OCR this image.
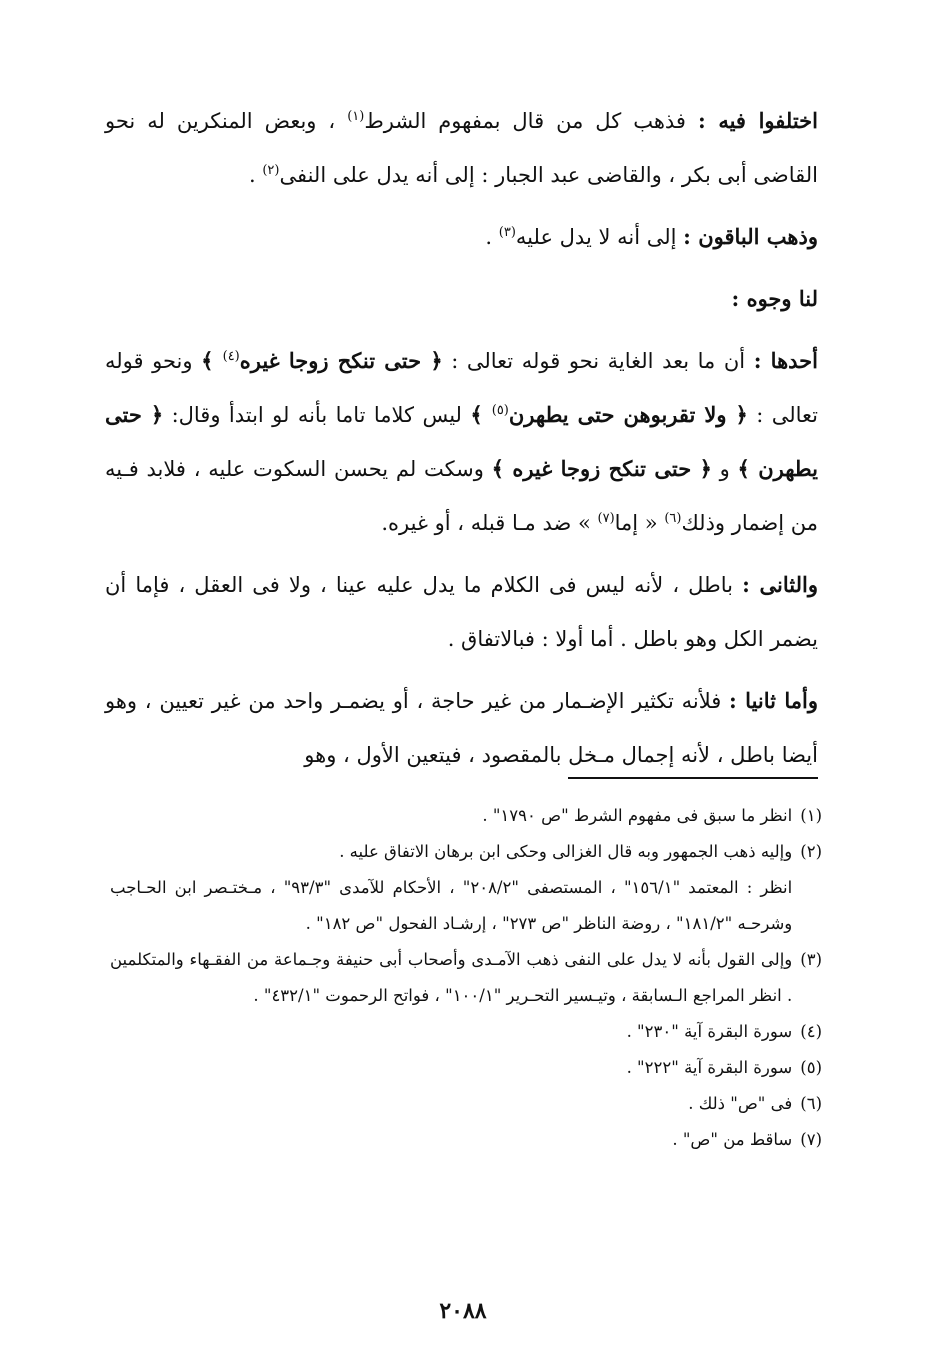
اختلفوا فيه : فذهب كل من قال بمفهوم الشرط$^{(١)}$ ، وبعض المنكرين له نحو القاضى أبى بكر ، والقاضى عبد الجبار : إلى أنه يدل على النفى$^{(٢)}$ .

وذهب الباقون : إلى أنه لا يدل عليه$^{(٣)}$ .

لنا وجوه :

أحدها : أن ما بعد الغاية نحو قوله تعالى : ﴿ حتى تنكح زوجا غيره$^{(٤)}$ ﴾ ونحو قوله تعالى : ﴿ ولا تقربوهن حتى يطهرن$^{(٥)}$ ﴾ ليس كلاما تاما بأنه لو ابتدأ وقال: ﴿ حتى يطهرن ﴾ و ﴿ حتى تنكح زوجا غيره ﴾ وسكت لم يحسن السكوت عليه ، فلابد فـيه من إضمار وذلك$^{(٦)}$ « إما$^{(٧)}$ » ضد مـا قبله ، أو غيره.

والثانى : باطل ، لأنه ليس فى الكلام ما يدل عليه عينا ، ولا فى العقل ، فإما أن يضمر الكل وهو باطل . أما أولا : فبالاتفاق .

وأما ثانيا : فلأنه تكثير الإضـمار من غير حاجة ، أو يضمـر واحد من غير تعيين ، وهو أيضا باطل ، لأنه إجمال مـخل بالمقصود ، فيتعين الأول ، وهو

(١)
انظر ما سبق فى مفهوم الشرط "ص ١٧٩٠" .
(٢)
وإليه ذهب الجمهور وبه قال الغزالى وحكى ابن برهان الاتفاق عليه .
انظر : المعتمد "١٥٦/١" ، المستصفى "٢٠٨/٢" ، الأحكام للآمدى "٩٣/٣" ، مـختـصر ابن الحـاجب وشرحـه "١٨١/٢" ، روضة الناظر "ص ٢٧٣" ، إرشـاد الفحول "ص ١٨٢" .
(٣)
وإلى القول بأنه لا يدل على النفى ذهب الآمـدى وأصحاب أبى حنيفة وجـماعة من الفقـهاء والمتكلمين . انظر المراجع الـسابقة ، وتيـسير التحـرير "١٠٠/١" ، فواتح الرحموت "٤٣٢/١" .
(٤)
سورة البقرة آية "٢٣٠" .
(٥)
سورة البقرة آية "٢٢٢" .
(٦)
فى "ص" ذلك .
(٧)
ساقط من "ص" .
٢٠٨٨
